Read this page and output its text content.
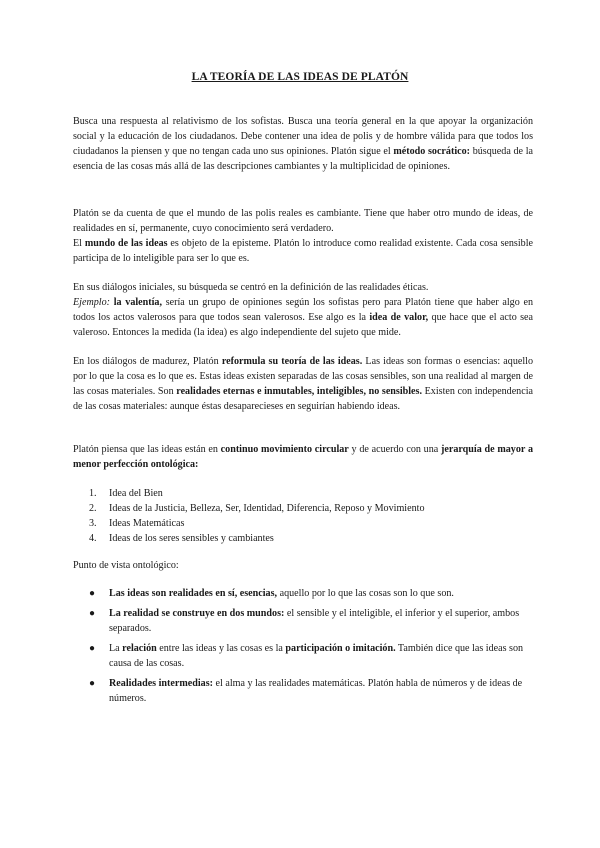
LA TEORÍA DE LAS IDEAS DE PLATÓN

Busca una respuesta al relativismo de los sofistas. Busca una teoría general en la que apoyar la organización social y la educación de los ciudadanos. Debe contener una idea de polis y de hombre válida para que todos los ciudadanos la piensen y que no tengan cada uno sus opiniones. Platón sigue el método socrático: búsqueda de la esencia de las cosas más allá de las descripciones cambiantes y la multiplicidad de opiniones.

Platón se da cuenta de que el mundo de las polis reales es cambiante. Tiene que haber otro mundo de ideas, de realidades en sí, permanente, cuyo conocimiento será verdadero.
El mundo de las ideas es objeto de la episteme. Platón lo introduce como realidad existente. Cada cosa sensible participa de lo inteligible para ser lo que es.

En sus diálogos iniciales, su búsqueda se centró en la definición de las realidades éticas.
Ejemplo: la valentía, sería un grupo de opiniones según los sofistas pero para Platón tiene que haber algo en todos los actos valerosos para que todos sean valerosos. Ese algo es la idea de valor, que hace que el acto sea valeroso. Entonces la medida (la idea) es algo independiente del sujeto que mide.

En los diálogos de madurez, Platón reformula su teoría de las ideas. Las ideas son formas o esencias: aquello por lo que la cosa es lo que es. Estas ideas existen separadas de las cosas sensibles, son una realidad al margen de las cosas materiales. Son realidades eternas e inmutables, inteligibles, no sensibles. Existen con independencia de las cosas materiales: aunque éstas desaparecieses en seguirían habiendo ideas.

Platón piensa que las ideas están en continuo movimiento circular y de acuerdo con una jerarquía de mayor a menor perfección ontológica:

1. Idea del Bien
2. Ideas de la Justicia, Belleza, Ser, Identidad, Diferencia, Reposo y Movimiento
3. Ideas Matemáticas
4. Ideas de los seres sensibles y cambiantes

Punto de vista ontológico:

● Las ideas son realidades en sí, esencias, aquello por lo que las cosas son lo que son.
● La realidad se construye en dos mundos: el sensible y el inteligible, el inferior y el superior, ambos separados.
● La relación entre las ideas y las cosas es la participación o imitación. También dice que las ideas son causa de las cosas.
● Realidades intermedias: el alma y las realidades matemáticas. Platón habla de números y de ideas de números.
